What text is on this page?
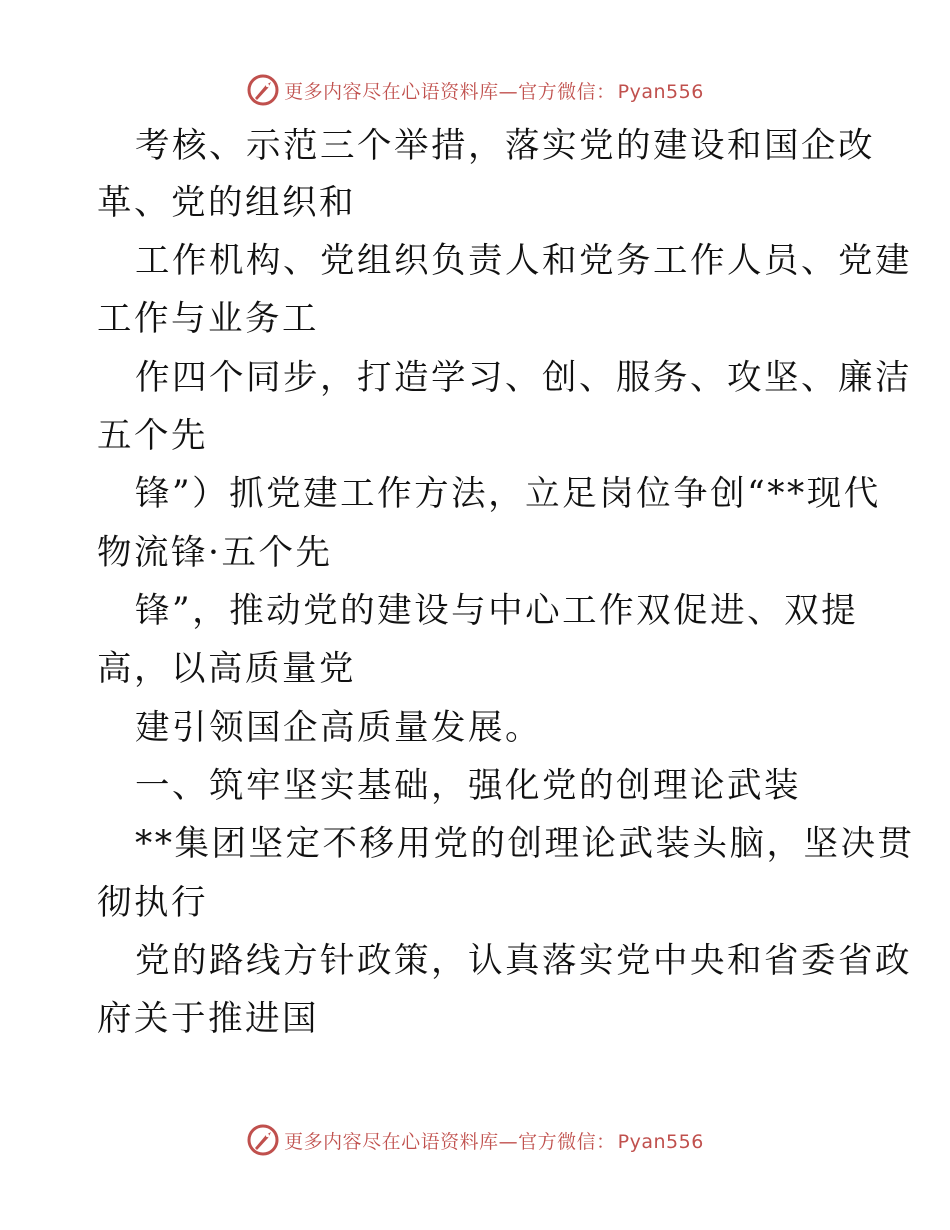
更多内容尽在心语资料库—官方微信： Pyan556
考核、示范三个举措，落实党的建设和国企改
革、党的组织和
工作机构、党组织负责人和党务工作人员、党建
工作与业务工
作四个同步，打造学习、创、服务、攻坚、廉洁
五个先
锋”）抓党建工作方法，立足岗位争创“**现代
物流锋·五个先
锋”，推动党的建设与中心工作双促进、双提
高，以高质量党
建引领国企高质量发展。
一、筑牢坚实基础，强化党的创理论武装
**集团坚定不移用党的创理论武装头脑，坚决贯
彻执行
党的路线方针政策，认真落实党中央和省委省政
府关于推进国
更多内容尽在心语资料库—官方微信： Pyan556
